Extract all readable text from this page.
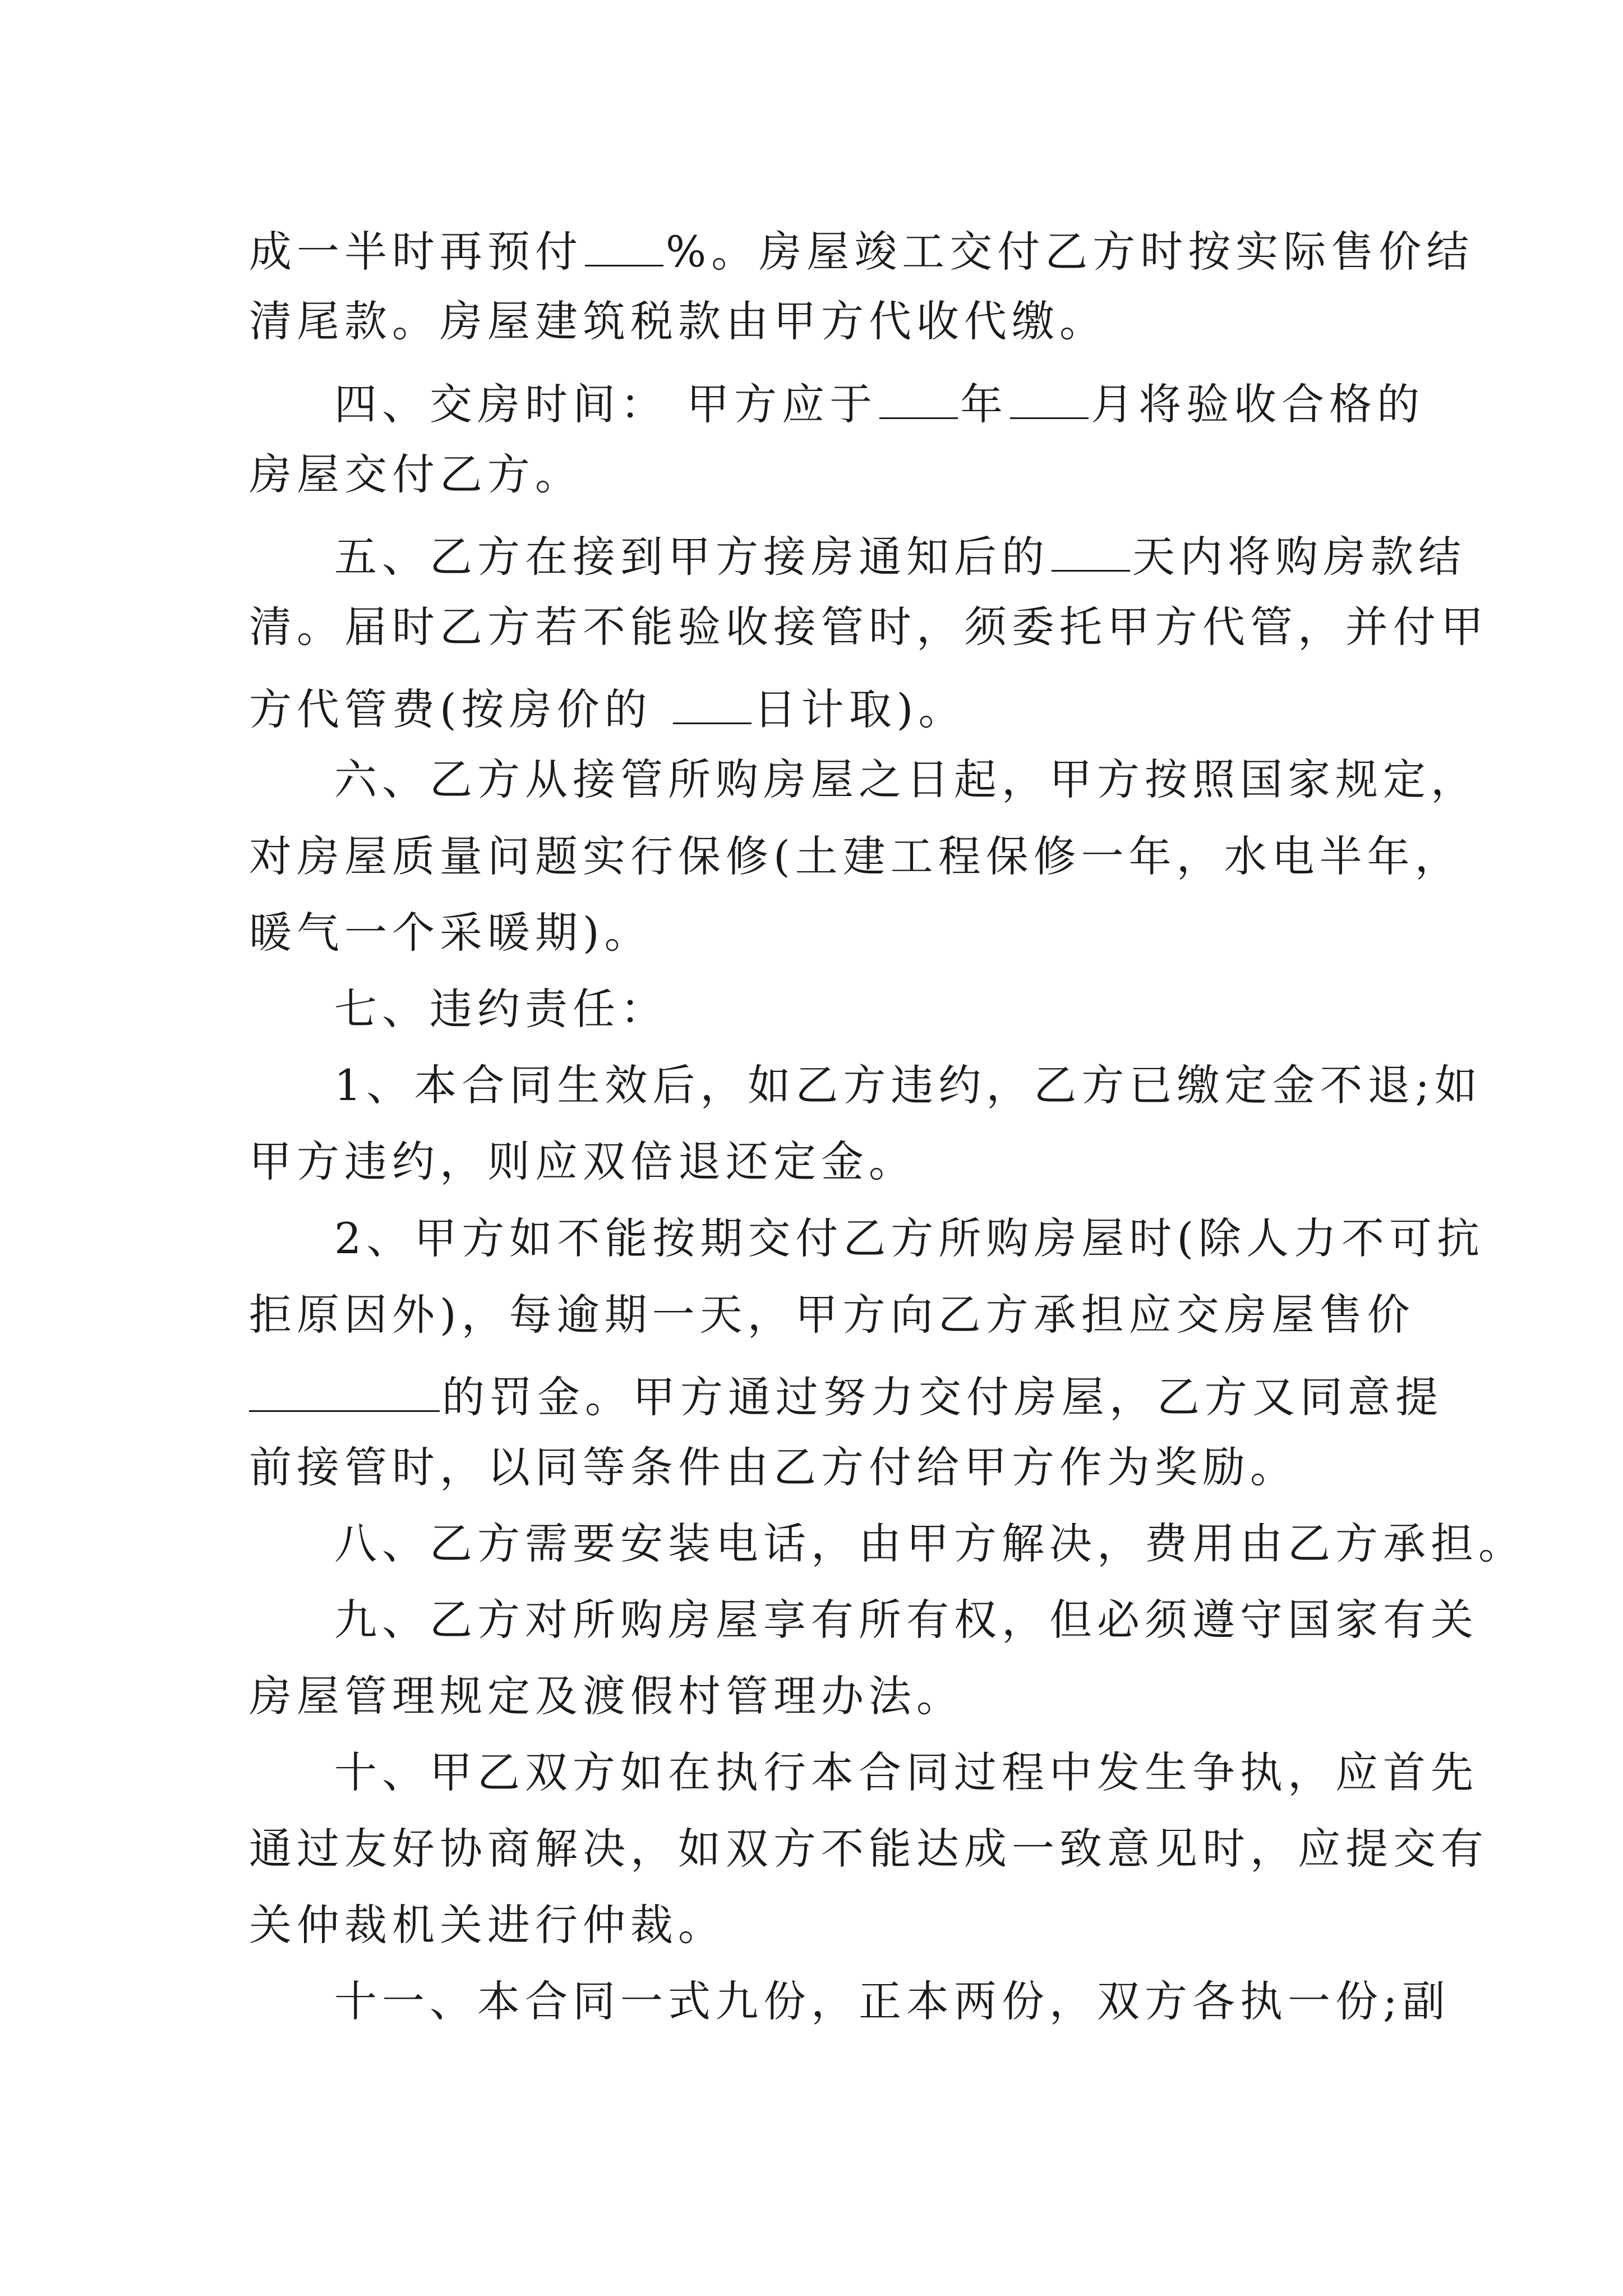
成一半时再预付 %。房屋竣工交付乙方时按实际售价结
清尾款。房屋建筑税款由甲方代收代缴。
四、交房时间： 甲方应于 年 月将验收合格的
房屋交付乙方。
五、乙方在接到甲方接房通知后的 天内将购房款结
清。届时乙方若不能验收接管时，须委托甲方代管，并付甲
方代管费(按房价的 日计取)。
六、乙方从接管所购房屋之日起，甲方按照国家规定，
对房屋质量问题实行保修(土建工程保修一年，水电半年，
暖气一个采暖期)。
七、违约责任：
1、本合同生效后，如乙方违约，乙方已缴定金不退;如
甲方违约，则应双倍退还定金。
2、甲方如不能按期交付乙方所购房屋时(除人力不可抗
拒原因外)，每逾期一天，甲方向乙方承担应交房屋售价
的罚金。甲方通过努力交付房屋，乙方又同意提
前接管时，以同等条件由乙方付给甲方作为奖励。
八、乙方需要安装电话，由甲方解决，费用由乙方承担。
九、乙方对所购房屋享有所有权，但必须遵守国家有关
房屋管理规定及渡假村管理办法。
十、甲乙双方如在执行本合同过程中发生争执，应首先
通过友好协商解决，如双方不能达成一致意见时，应提交有
关仲裁机关进行仲裁。
十一、本合同一式九份，正本两份，双方各执一份;副
